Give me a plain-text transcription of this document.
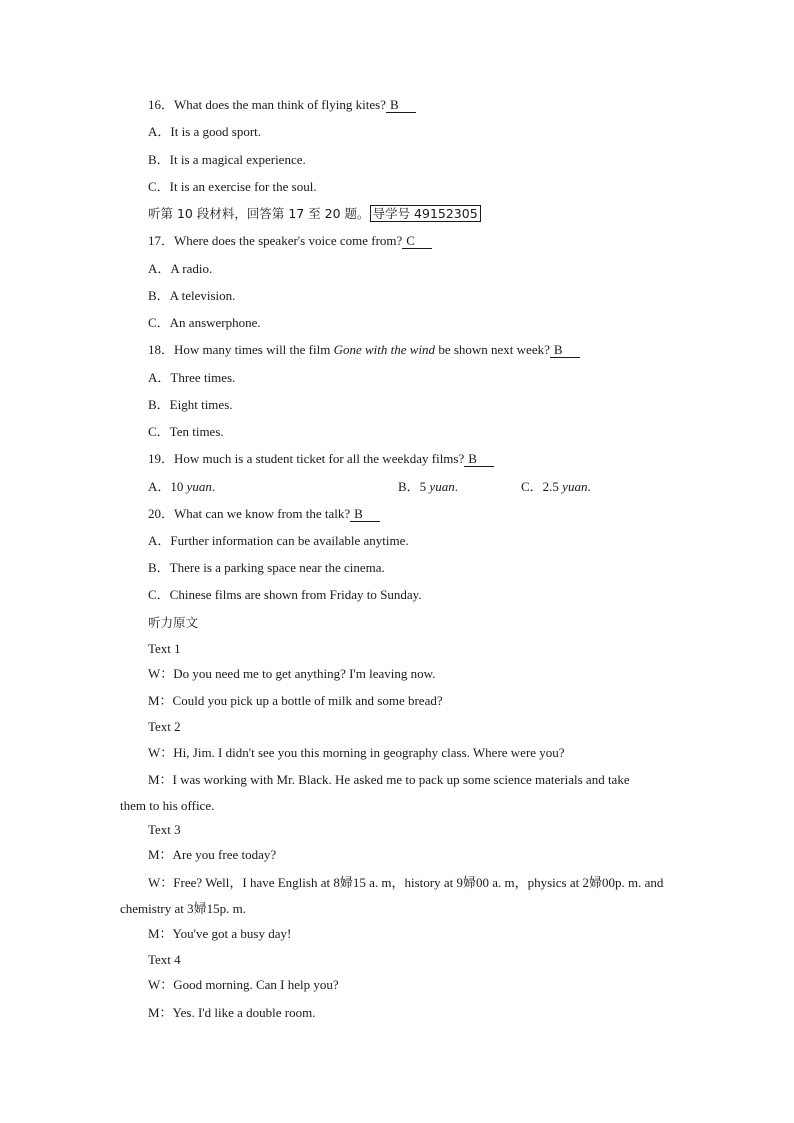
16．What does the man think of flying kites? B
A．It is a good sport.
B．It is a magical experience.
C．It is an exercise for the soul.
听第 10 段材料，回答第 17 至 20 题。 导学号 49152305
17．Where does the speaker's voice come from? C
A．A radio.
B．A television.
C．An answerphone.
18．How many times will the film Gone with the wind be shown next week? B
A．Three times.
B．Eight times.
C．Ten times.
19．How much is a student ticket for all the weekday films? B
A．10 yuan.	B．5 yuan.	C．2.5 yuan.
20．What can we know from the talk? B
A．Further information can be available anytime.
B．There is a parking space near the cinema.
C．Chinese films are shown from Friday to Sunday.
听力原文
Text 1
W：Do you need me to get anything? I'm leaving now.
M：Could you pick up a bottle of milk and some bread?
Text 2
W：Hi, Jim. I didn't see you this morning in geography class. Where were you?
M：I was working with Mr. Black. He asked me to pack up some science materials and take
them to his office.
Text 3
M：Are you free today?
W：Free? Well，I have English at 8婦15 a. m，history at 9婦00 a. m，physics at 2婦00p. m. and
chemistry at 3婦15p. m.
M：You've got a busy day!
Text 4
W：Good morning. Can I help you?
M：Yes. I'd like a double room.
